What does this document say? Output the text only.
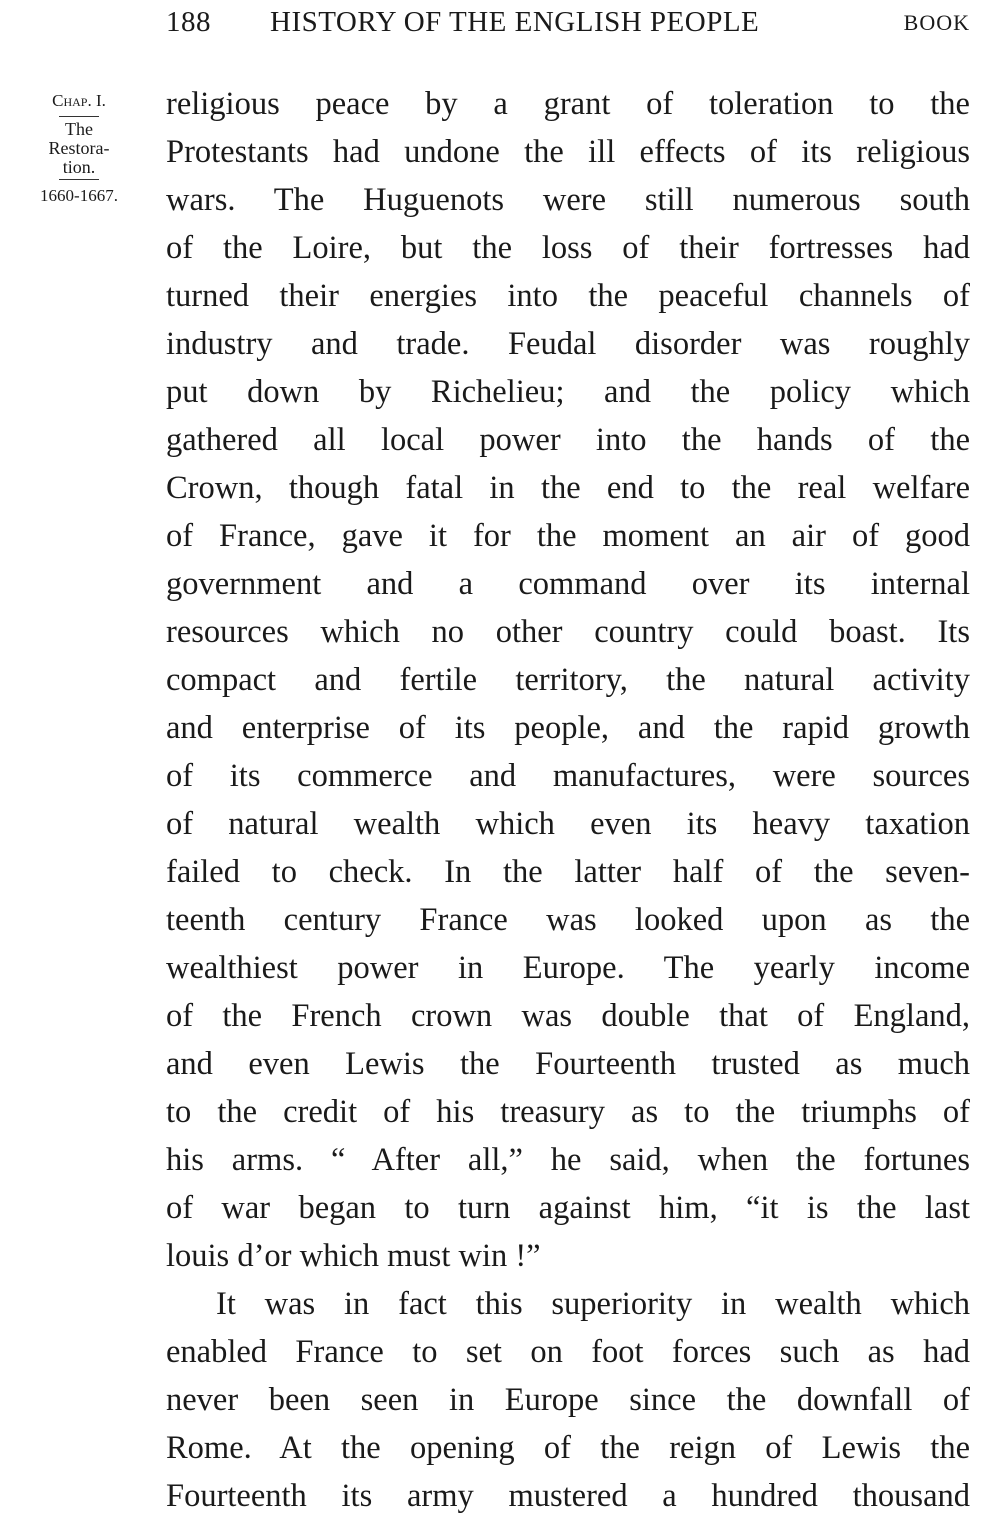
188 HISTORY OF THE ENGLISH PEOPLE	BOOK
Chap. I.
The
Restora-
tion.
1660-1667.
religious peace by a grant of toleration to the
Protestants had undone the ill effects of its religious
wars. The Huguenots were still numerous south
of the Loire, but the loss of their fortresses had
turned their energies into the peaceful channels of
industry and trade. Feudal disorder was roughly
put down by Richelieu; and the policy which
gathered all local power into the hands of the
Crown, though fatal in the end to the real welfare
of France, gave it for the moment an air of good
government and a command over its internal
resources which no other country could boast. Its
compact and fertile territory, the natural activity
and enterprise of its people, and the rapid growth
of its commerce and manufactures, were sources
of natural wealth which even its heavy taxation
failed to check. In the latter half of the seven-
teenth century France was looked upon as the
wealthiest power in Europe. The yearly income
of the French crown was double that of England,
and even Lewis the Fourteenth trusted as much
to the credit of his treasury as to the triumphs of
his arms. “ After all,” he said, when the fortunes
of war began to turn against him, “it is the last
louis d’or which must win !”
It was in fact this superiority in wealth which
enabled France to set on foot forces such as had
never been seen in Europe since the downfall of
Rome. At the opening of the reign of Lewis the
Fourteenth its army mustered a hundred thousand
